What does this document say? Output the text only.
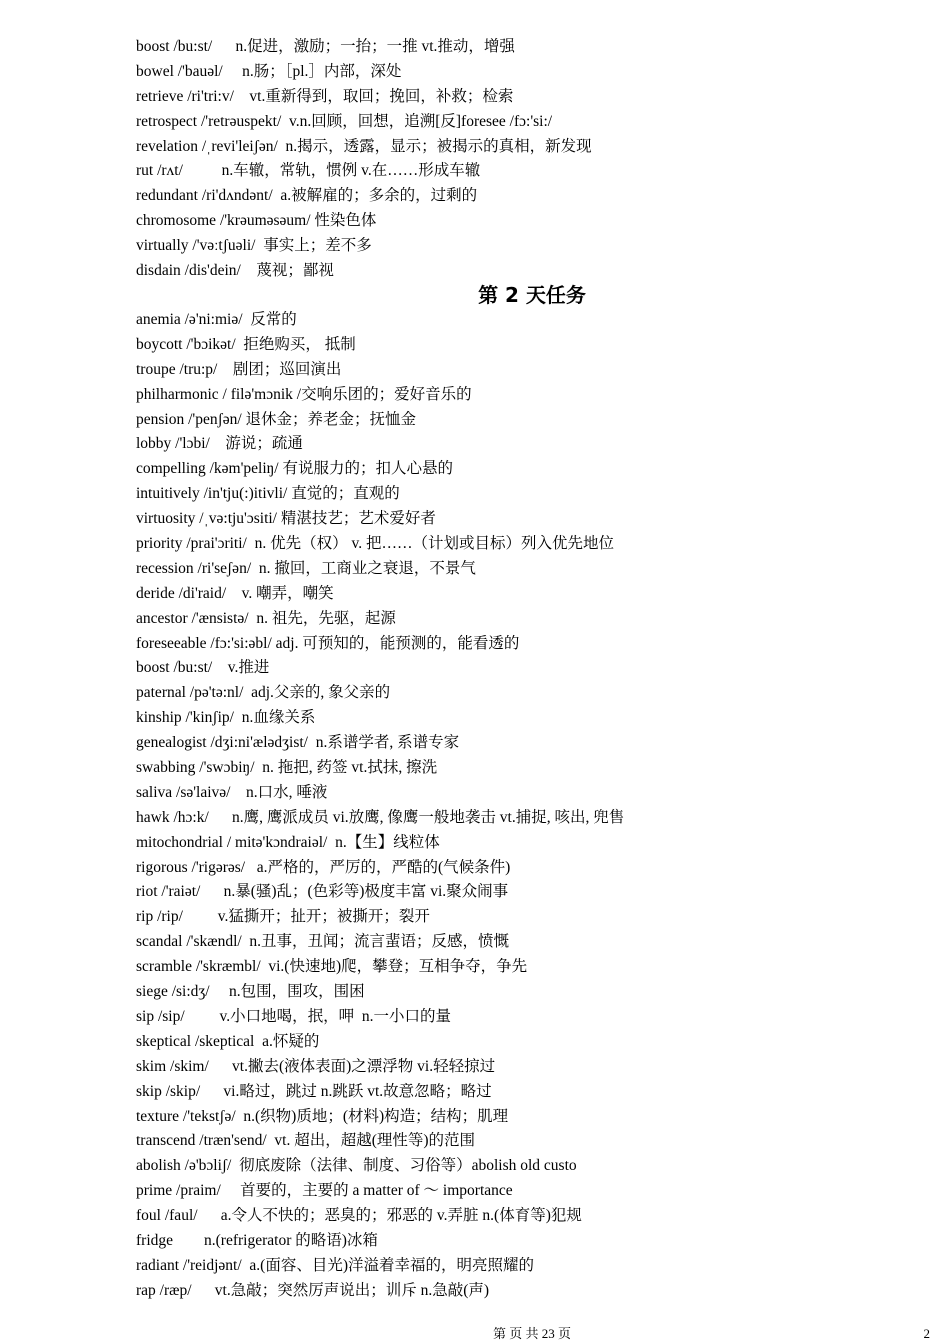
boost /bu:st/      n.促进，激励；一抬；一推 vt.推动，增强
bowel /'bauəl/     n.肠；［pl.］内部，深处
retrieve /ri'tri:v/    vt.重新得到，取回；挽回，补救；检索
retrospect /'retrəuspekt/  v.n.回顾，回想，追溯[反]foresee /fɔ:'si:/
revelation /ˌrevi'leiʃən/  n.揭示，透露，显示；被揭示的真相，新发现
rut /rʌt/          n.车辙，常轨，惯例 v.在……形成车辙
redundant /ri'dʌndənt/  a.被解雇的；多余的，过剩的
chromosome /'krəuməsəum/ 性染色体
virtually /'vəːtʃuəli/  事实上；差不多
disdain /dis'dein/    蔑视；鄙视
第 2 天任务
anemia /ə'ni:miə/  反常的
boycott /'bɔikət/  拒绝购买， 抵制
troupe /tru:p/    剧团；巡回演出
philharmonic / filə'mɔnik /交响乐团的；爱好音乐的
pension /'penʃən/ 退休金；养老金；抚恤金
lobby /'lɔbi/    游说；疏通
compelling /kəm'peliŋ/ 有说服力的；扣人心悬的
intuitively /in'tju(:)itivli/ 直觉的；直观的
virtuosity /ˌvə:tju'ɔsiti/ 精湛技艺；艺术爱好者
priority /prai'ɔriti/  n. 优先（权） v. 把……（计划或目标）列入优先地位
recession /ri'seʃən/  n. 撤回，工商业之衰退，不景气
deride /di'raid/    v. 嘲弄，嘲笑
ancestor /'ænsistə/  n. 祖先，先驱，起源
foreseeable /fɔ:'si:əbl/ adj. 可预知的，能预测的，能看透的
boost /bu:st/    v.推进
paternal /pə'tə:nl/  adj.父亲的, 象父亲的
kinship /'kinʃip/  n.血缘关系
genealogist /dʒi:ni'ælədʒist/  n.系谱学者, 系谱专家
swabbing /'swɔbiŋ/  n. 拖把, 药签 vt.拭抹, 擦洗
saliva /sə'laivə/    n.口水, 唾液
hawk /hɔ:k/      n.鹰, 鹰派成员 vi.放鹰, 像鹰一般地袭击 vt.捕捉, 咳出, 兜售
mitochondrial / mitə'kɔndraiəl/  n.【生】线粒体
rigorous /'rigərəs/   a.严格的，严厉的，严酷的(气候条件)
riot /'raiət/      n.暴(骚)乱；(色彩等)极度丰富 vi.聚众闹事
rip /rip/         v.猛撕开；扯开；被撕开；裂开
scandal /'skændl/  n.丑事，丑闻；流言蜚语；反感，愤慨
scramble /'skræmbl/  vi.(快速地)爬，攀登；互相争夺，争先
siege /si:dʒ/     n.包围，围攻，围困
sip /sip/         v.小口地喝，抿，呷  n.一小口的量
skeptical /skeptical  a.怀疑的
skim /skim/      vt.撇去(液体表面)之漂浮物 vi.轻轻掠过
skip /skip/      vi.略过，跳过 n.跳跃 vt.故意忽略；略过
texture /'tekstʃə/  n.(织物)质地；(材料)构造；结构；肌理
transcend /træn'send/  vt. 超出，超越(理性等)的范围
abolish /ə'bɔliʃ/  彻底废除（法律、制度、习俗等）abolish old custo
prime /praim/     首要的，主要的 a matter of ～ importance
foul /faul/      a.令人不快的；恶臭的；邪恶的 v.弄脏 n.(体育等)犯规
fridge        n.(refrigerator 的略语)冰箱
radiant /'reidjənt/  a.(面容、目光)洋溢着幸福的，明亮照耀的
rap /ræp/      vt.急敲；突然厉声说出；训斥 n.急敲(声)
第 页 共 23 页	2
